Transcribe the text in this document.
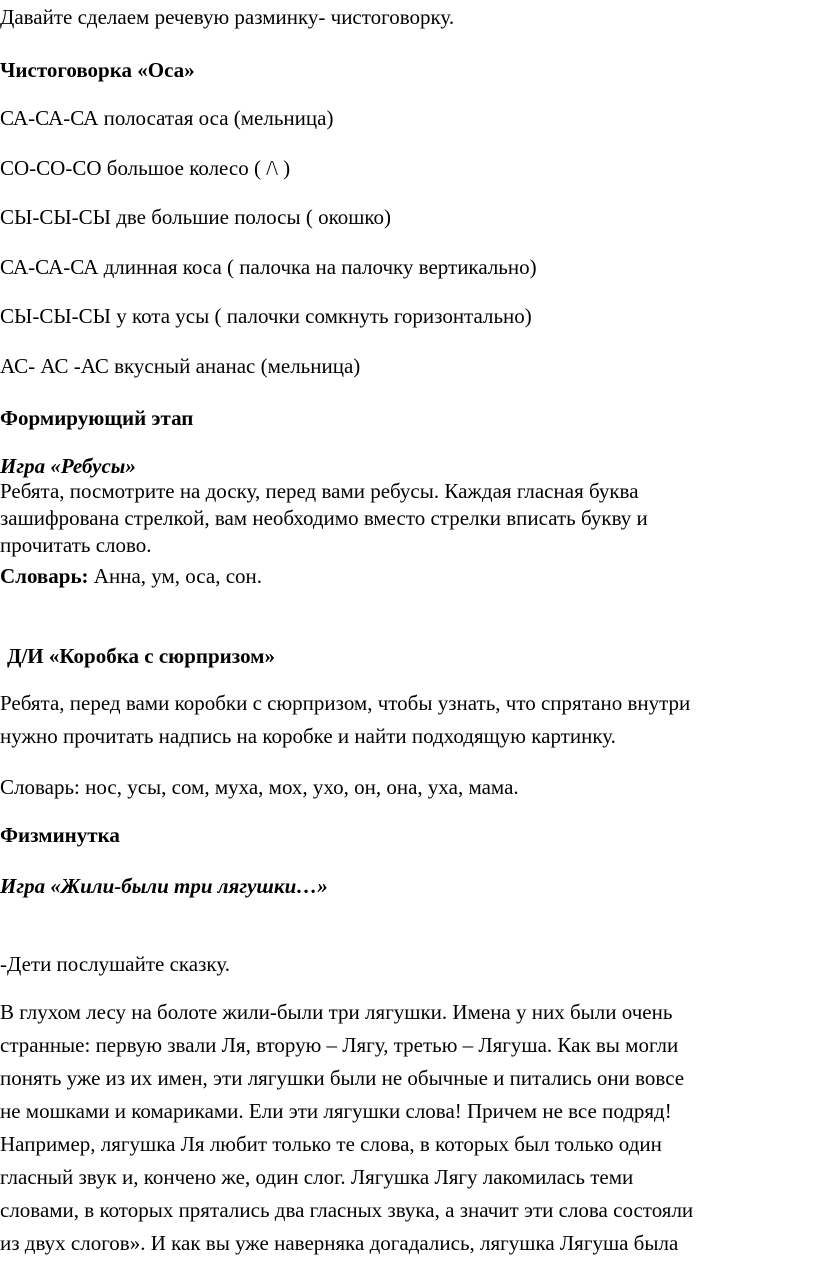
Давайте сделаем речевую разминку- чистоговорку.

Чистоговорка «Оса»

СА-СА-СА полосатая оса (мельница)

СО-СО-СО большое колесо ( /\ )

СЫ-СЫ-СЫ две большие полосы ( окошко)

СА-СА-СА длинная коса ( палочка на палочку вертикально)

СЫ-СЫ-СЫ у кота усы ( палочки сомкнуть горизонтально)

АС- АС -АС вкусный ананас (мельница)

Формирующий этап

Игра «Ребусы»

Ребята, посмотрите на доску, перед вами ребусы. Каждая гласная буква
зашифрована стрелкой, вам необходимо вместо стрелки вписать букву и
прочитать слово.

Словарь: Анна, ум, оса, сон.

Д/И «Коробка с сюрпризом»

Ребята, перед вами коробки с сюрпризом, чтобы узнать, что спрятано внутри
нужно прочитать надпись на коробке и найти подходящую картинку.

Словарь: нос, усы, сом, муха, мох, ухо, он, она, уха, мама.

Физминутка

Игра «Жили-были три лягушки…»

-Дети послушайте сказку.

В глухом лесу на болоте жили-были три лягушки. Имена у них были очень
странные: первую звали Ля, вторую – Лягу, третью – Лягуша. Как вы могли
понять уже из их имен, эти лягушки были не обычные и питались они вовсе
не мошками и комариками. Ели эти лягушки слова! Причем не все подряд!
Например, лягушка Ля любит только те слова, в которых был только один
гласный звук и, кончено же, один слог. Лягушка Лягу лакомилась теми
словами, в которых прятались два гласных звука, а значит эти слова состояли
из двух слогов». И как вы уже наверняка догадались, лягушка Лягуша была
